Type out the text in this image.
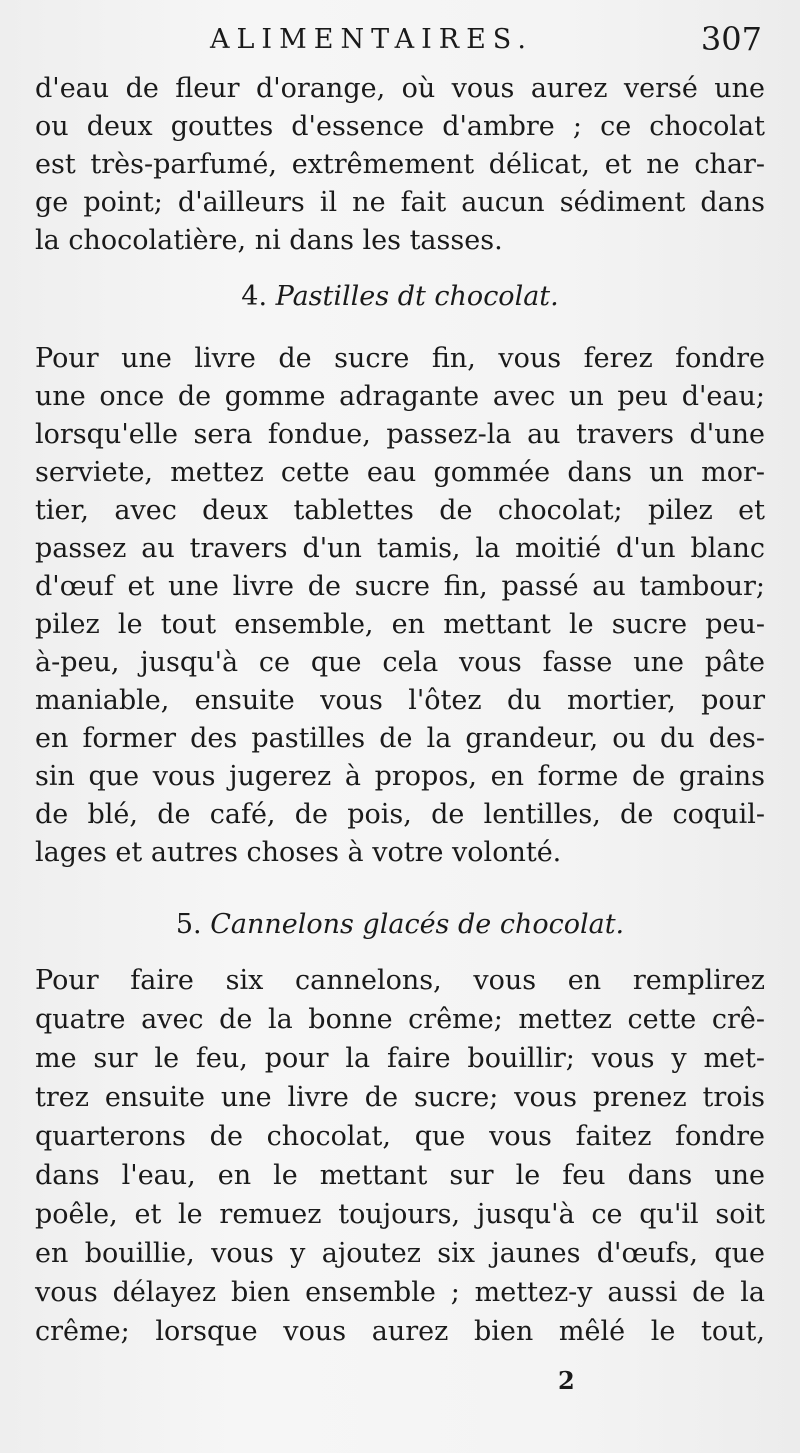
ALIMENTAIRES.	307
d'eau de fleur d'orange, où vous aurez versé une
ou deux gouttes d'essence d'ambre ; ce chocolat
est très-parfumé, extrêmement délicat, et ne char-
ge point; d'ailleurs il ne fait aucun sédiment dans
la chocolatière, ni dans les tasses.
4. Pastilles dt chocolat.
Pour une livre de sucre fin, vous ferez fondre
une once de gomme adragante avec un peu d'eau;
lorsqu'elle sera fondue, passez-la au travers d'une
serviete, mettez cette eau gommée dans un mor-
tier, avec deux tablettes de chocolat; pilez et
passez au travers d'un tamis, la moitié d'un blanc
d'œuf et une livre de sucre fin, passé au tambour;
pilez le tout ensemble, en mettant le sucre peu-
à-peu, jusqu'à ce que cela vous fasse une pâte
maniable, ensuite vous l'ôtez du mortier, pour
en former des pastilles de la grandeur, ou du des-
sin que vous jugerez à propos, en forme de grains
de blé, de café, de pois, de lentilles, de coquil-
lages et autres choses à votre volonté.
5. Cannelons glacés de chocolat.
Pour faire six cannelons, vous en remplirez
quatre avec de la bonne crême; mettez cette crê-
me sur le feu, pour la faire bouillir; vous y met-
trez ensuite une livre de sucre; vous prenez trois
quarterons de chocolat, que vous faitez fondre
dans l'eau, en le mettant sur le feu dans une
poêle, et le remuez toujours, jusqu'à ce qu'il soit
en bouillie, vous y ajoutez six jaunes d'œufs, que
vous délayez bien ensemble ; mettez-y aussi de la
crême; lorsque vous aurez bien mêlé le tout,
2
